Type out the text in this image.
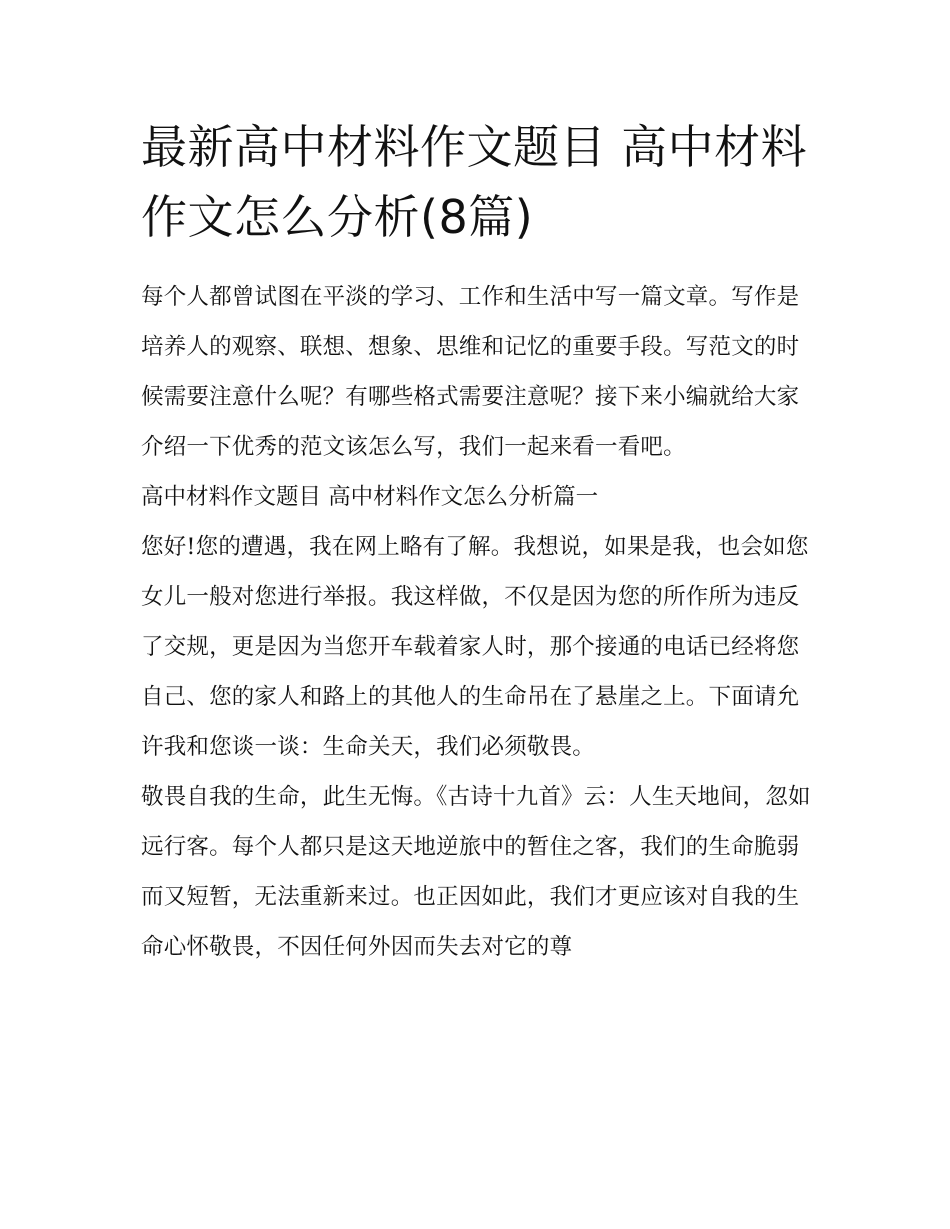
最新高中材料作文题目 高中材料作文怎么分析(8篇)

每个人都曾试图在平淡的学习、工作和生活中写一篇文章。写作是培养人的观察、联想、想象、思维和记忆的重要手段。写范文的时候需要注意什么呢？有哪些格式需要注意呢？接下来小编就给大家介绍一下优秀的范文该怎么写，我们一起来看一看吧。

高中材料作文题目 高中材料作文怎么分析篇一

您好!您的遭遇，我在网上略有了解。我想说，如果是我，也会如您女儿一般对您进行举报。我这样做，不仅是因为您的所作所为违反了交规，更是因为当您开车载着家人时，那个接通的电话已经将您自己、您的家人和路上的其他人的生命吊在了悬崖之上。下面请允许我和您谈一谈：生命关天，我们必须敬畏。

敬畏自我的生命，此生无悔。《古诗十九首》云：人生天地间，忽如远行客。每个人都只是这天地逆旅中的暂住之客，我们的生命脆弱而又短暂，无法重新来过。也正因如此，我们才更应该对自我的生命心怀敬畏，不因任何外因而失去对它的尊
